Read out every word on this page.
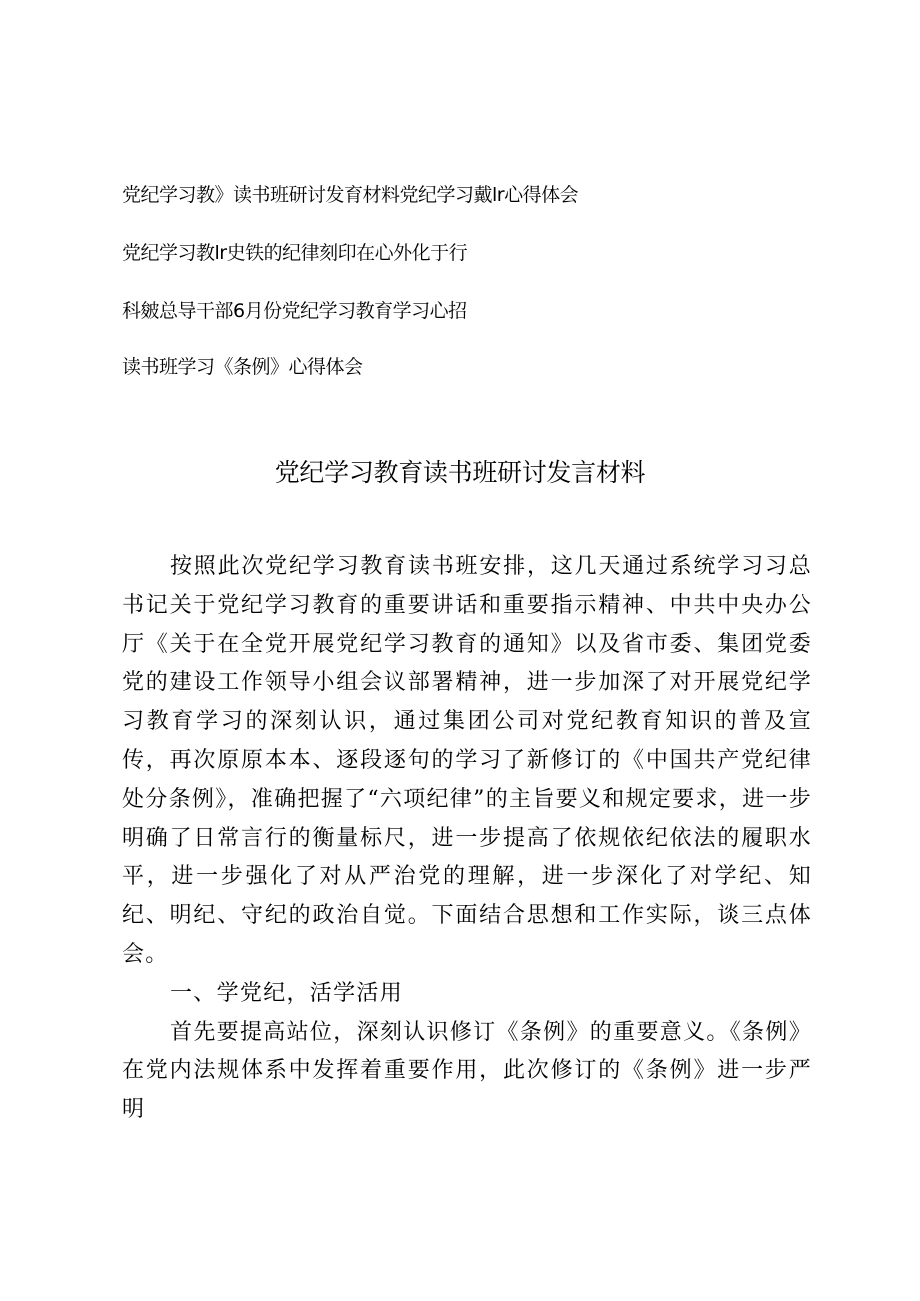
党纪学习教》读书班研讨发育材料党纪学习戴lr心得体会
党纪学习教lr史铁的纪律刻印在心外化于行
科皴总导干部6月份党纪学习教育学习心招
读书班学习《条例》心得体会
党纪学习教育读书班研讨发言材料

按照此次党纪学习教育读书班安排，这几天通过系统学习习总书记关于党纪学习教育的重要讲话和重要指示精神、中共中央办公厅《关于在全党开展党纪学习教育的通知》以及省市委、集团党委党的建设工作领导小组会议部署精神，进一步加深了对开展党纪学习教育学习的深刻认识，通过集团公司对党纪教育知识的普及宣传，再次原原本本、逐段逐句的学习了新修订的《中国共产党纪律处分条例》，准确把握了“六项纪律”的主旨要义和规定要求，进一步明确了日常言行的衡量标尺，进一步提高了依规依纪依法的履职水平，进一步强化了对从严治党的理解，进一步深化了对学纪、知纪、明纪、守纪的政治自觉。下面结合思想和工作实际，谈三点体会。

一、学党纪，活学活用

首先要提高站位，深刻认识修订《条例》的重要意义。《条例》在党内法规体系中发挥着重要作用，此次修订的《条例》进一步严明
